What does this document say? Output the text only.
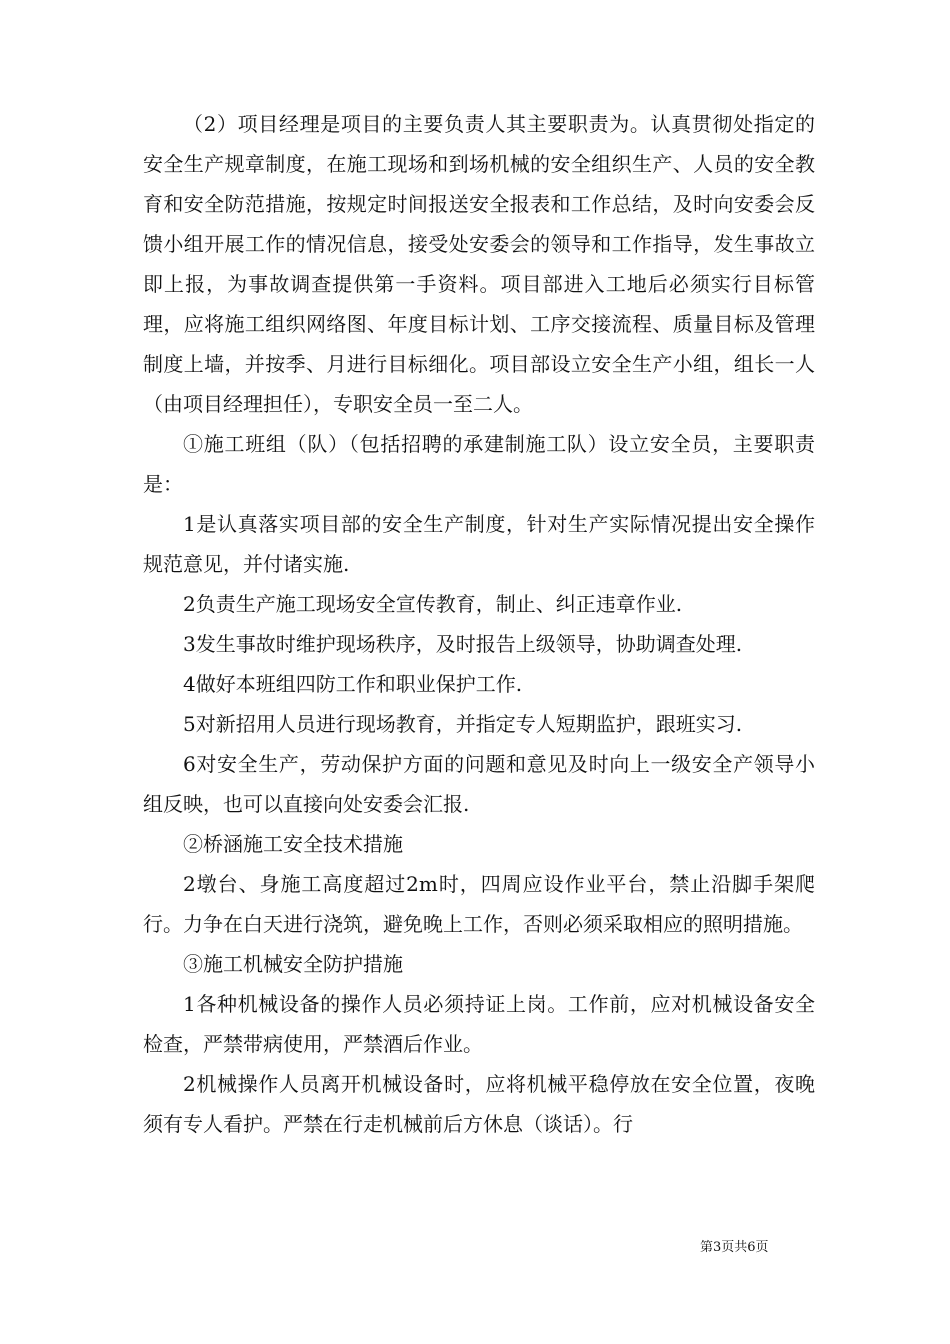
（2）项目经理是项目的主要负责人其主要职责为。认真贯彻处指定的安全生产规章制度，在施工现场和到场机械的安全组织生产、人员的安全教育和安全防范措施，按规定时间报送安全报表和工作总结，及时向安委会反馈小组开展工作的情况信息，接受处安委会的领导和工作指导，发生事故立即上报，为事故调查提供第一手资料。项目部进入工地后必须实行目标管理，应将施工组织网络图、年度目标计划、工序交接流程、质量目标及管理制度上墙，并按季、月进行目标细化。项目部设立安全生产小组，组长一人（由项目经理担任），专职安全员一至二人。

①施工班组（队）（包括招聘的承建制施工队）设立安全员，主要职责是：

1是认真落实项目部的安全生产制度，针对生产实际情况提出安全操作规范意见，并付诸实施.

2负责生产施工现场安全宣传教育，制止、纠正违章作业.

3发生事故时维护现场秩序，及时报告上级领导，协助调查处理.

4做好本班组四防工作和职业保护工作.

5对新招用人员进行现场教育，并指定专人短期监护，跟班实习.

6对安全生产，劳动保护方面的问题和意见及时向上一级安全产领导小组反映，也可以直接向处安委会汇报.

②桥涵施工安全技术措施

2墩台、身施工高度超过2m时，四周应设作业平台，禁止沿脚手架爬行。力争在白天进行浇筑，避免晚上工作，否则必须采取相应的照明措施。

③施工机械安全防护措施

1各种机械设备的操作人员必须持证上岗。工作前，应对机械设备安全检查，严禁带病使用，严禁酒后作业。

2机械操作人员离开机械设备时，应将机械平稳停放在安全位置，夜晚须有专人看护。严禁在行走机械前后方休息（谈话）。行

第3页共6页
